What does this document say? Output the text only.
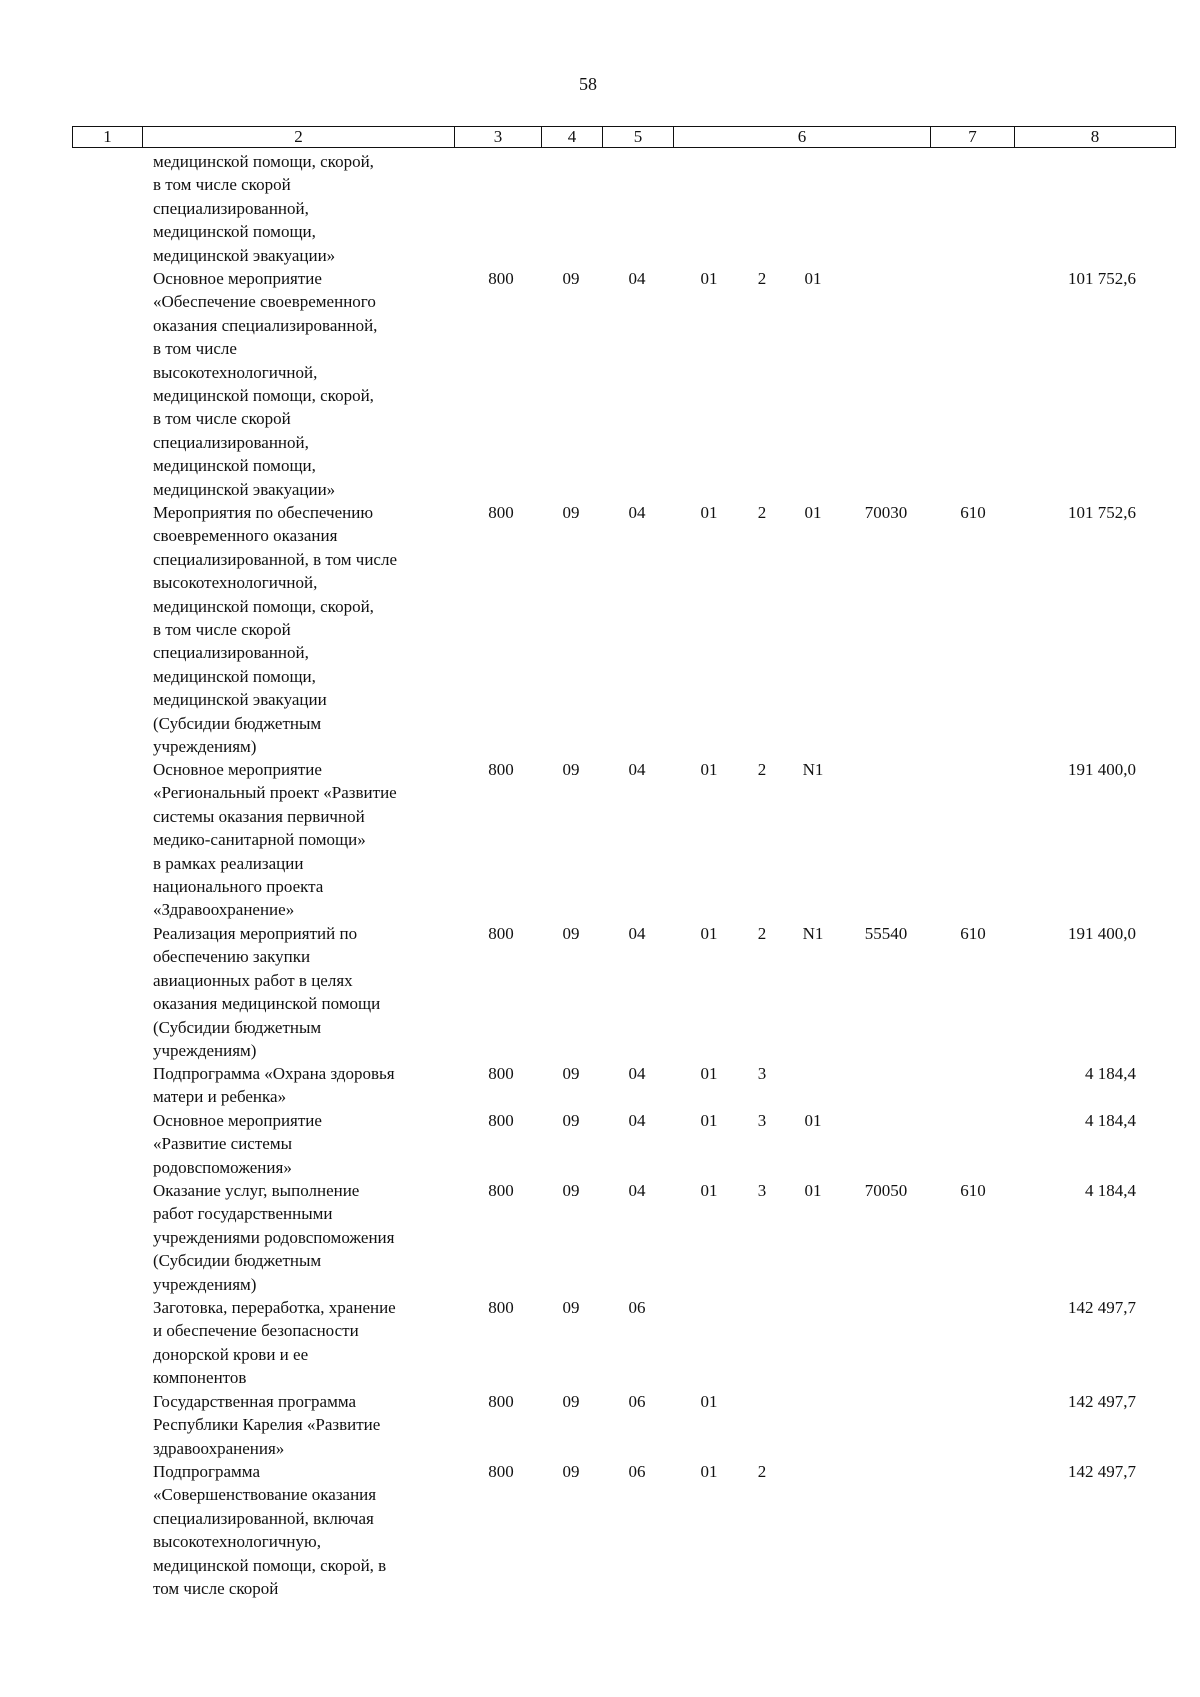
58
1	2	3	4	5	6	7	8
медицинской помощи, скорой,
в том числе скорой
специализированной,
медицинской помощи,
медицинской эвакуации»
Основное мероприятие
«Обеспечение своевременного
оказания специализированной,
в том числе
высокотехнологичной,
медицинской помощи, скорой,
в том числе скорой
специализированной,
медицинской помощи,
медицинской эвакуации»
800	09	04	01 2	01	101 752,6
Мероприятия по обеспечению
своевременного оказания
специализированной, в том числе
высокотехнологичной,
медицинской помощи, скорой,
в том числе скорой
специализированной,
медицинской помощи,
медицинской эвакуации
(Субсидии бюджетным
учреждениям)
800	09	04	01 2	01	70030	610	101 752,6
Основное мероприятие
«Региональный проект «Развитие
системы оказания первичной
медико-санитарной помощи»
в рамках реализации
национального проекта
«Здравоохранение»
800	09	04	01 2 N1	191 400,0
Реализация мероприятий по
обеспечению закупки
авиационных работ в целях
оказания медицинской помощи
(Субсидии бюджетным
учреждениям)
800	09	04	01 2 N1	55540	610	191 400,0
Подпрограмма «Охрана здоровья
матери и ребенка»
800	09	04	01 3	4 184,4
Основное мероприятие
«Развитие системы
родовспоможения»
800	09	04	01 3	01	4 184,4
Оказание услуг, выполнение
работ государственными
учреждениями родовспоможения
(Субсидии бюджетным
учреждениям)
800	09	04	01 3	01	70050	610	4 184,4
Заготовка, переработка, хранение
и обеспечение безопасности
донорской крови и ее
компонентов
800	09	06	142 497,7
Государственная программа
Республики Карелия «Развитие
здравоохранения»
800	09	06	01	142 497,7
Подпрограмма
«Совершенствование оказания
специализированной, включая
высокотехнологичную,
медицинской помощи, скорой, в
том числе скорой
800	09	06	01 2	142 497,7
